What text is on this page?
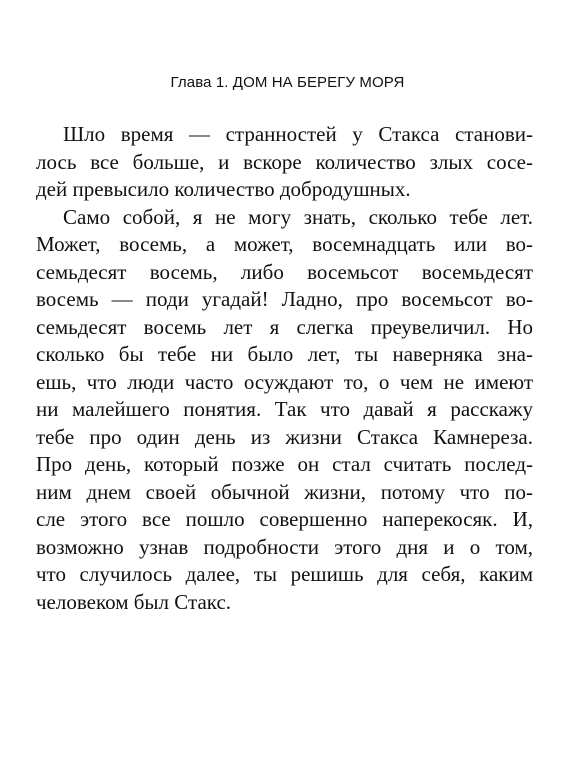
Глава 1. ДОМ НА БЕРЕГУ МОРЯ
Шло время — странностей у Стакса станови-
лось все больше, и вскоре количество злых сосе-
дей превысило количество добродушных.
Само собой, я не могу знать, сколько тебе лет.
Может, восемь, а может, восемнадцать или во-
семьдесят восемь, либо восемьсот восемьдесят
восемь — поди угадай! Ладно, про восемьсот во-
семьдесят восемь лет я слегка преувеличил. Но
сколько бы тебе ни было лет, ты наверняка зна-
ешь, что люди часто осуждают то, о чем не имеют
ни малейшего понятия. Так что давай я расскажу
тебе про один день из жизни Стакса Камнереза.
Про день, который позже он стал считать послед-
ним днем своей обычной жизни, потому что по-
сле этого все пошло совершенно наперекосяк. И,
возможно узнав подробности этого дня и о том,
что случилось далее, ты решишь для себя, каким
человеком был Стакс.
